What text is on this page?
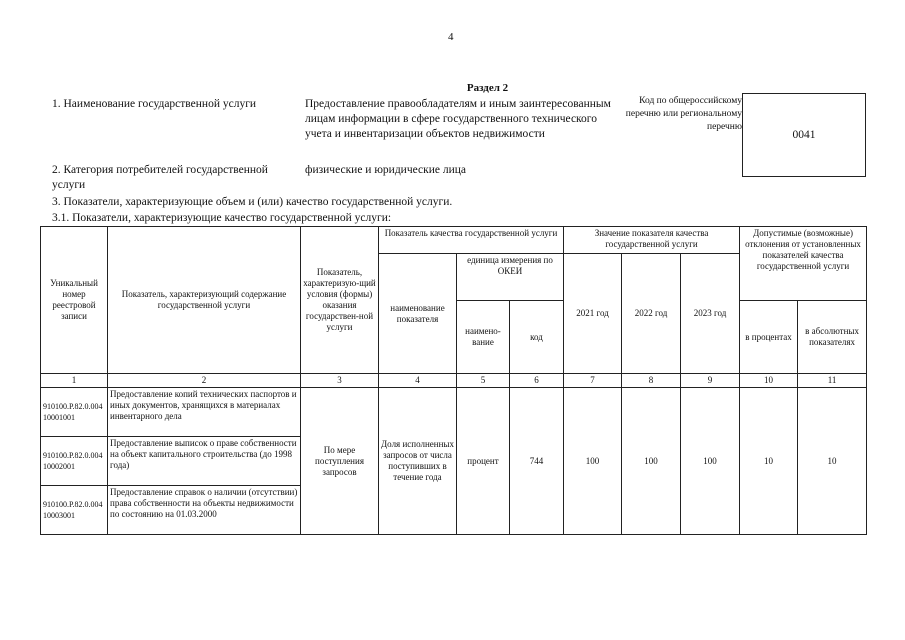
4
Раздел 2
1. Наименование государственной услуги	Предоставление правообладателям и иным заинтересованным лицам информации в сфере государственного технического учета и инвентаризации объектов недвижимости
Код по общероссийскому перечню или региональному перечню
0041
2. Категория потребителей государственной услуги
физические и юридические лица
3. Показатели, характеризующие объем и (или) качество государственной услуги.
3.1. Показатели, характеризующие качество государственной услуги:
Уникальный номер реестровой записи	Показатель, характеризующий содержание государственной услуги	Показатель, характеризую-щий условия (формы) оказания государствен-ной услуги	Показатель качества государственной услуги			Значение показателя качества государственной услуги			Допустимые (возможные) отклонения от установленных показателей качества государственной услуги	
			наименование показателя	единица измерения по ОКЕИ		2021 год	2022 год	2023 год		
				наимено-вание	код				в процентах	в абсолютных показателях
1	2	3	4	5	6	7	8	9	10	11
910100.Р.82.0.00410001001	Предоставление копий технических паспортов и иных документов, хранящихся в материалах инвентарного дела	По мере поступления запросов	Доля исполненных запросов от числа поступивших в течение года	процент	744	100	100	100	10	10
910100.Р.82.0.00410002001	Предоставление выписок о праве собственности на объект капитального строительства (до 1998 года)									
910100.Р.82.0.00410003001	Предоставление справок о наличии (отсутствии) права собственности на объекты недвижимости по состоянию на 01.03.2000									
